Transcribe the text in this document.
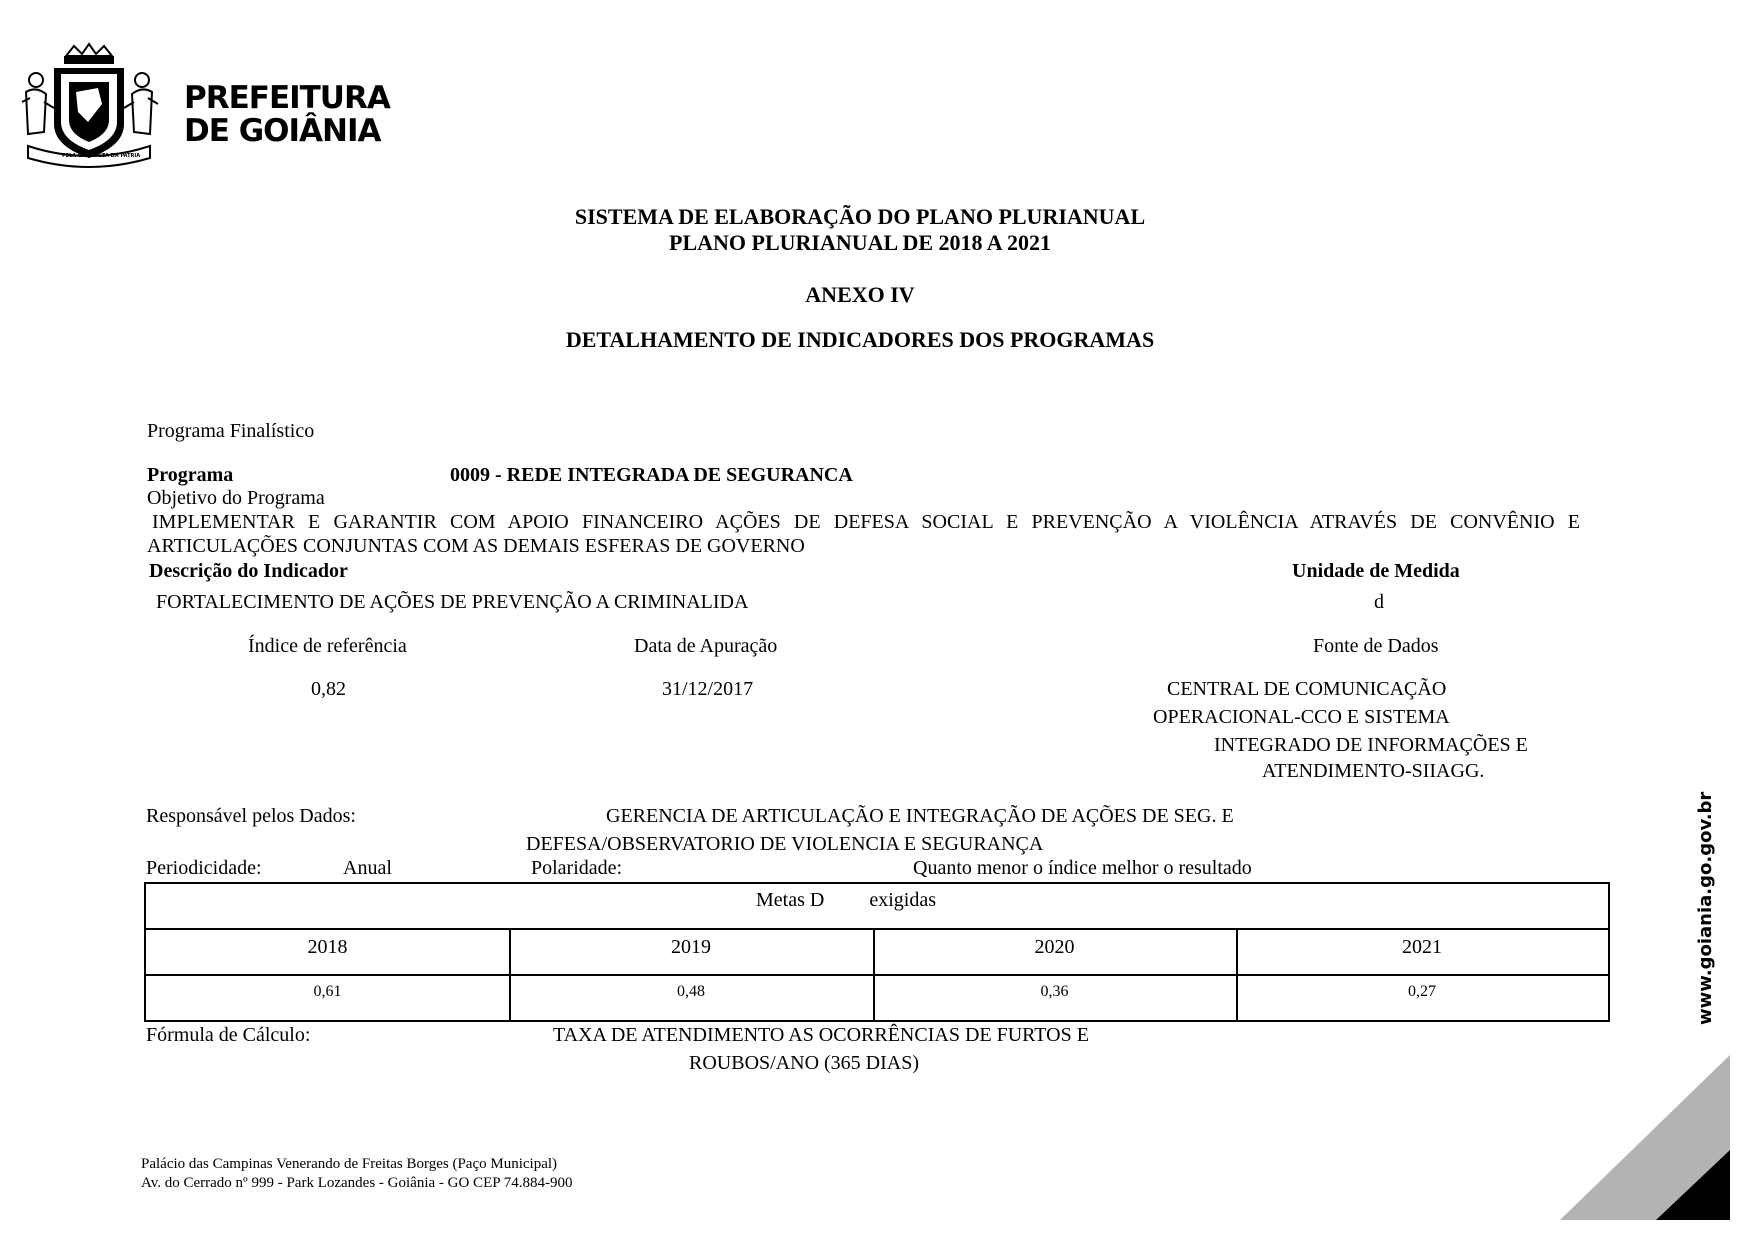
PELA GRANDEZA DA PÁTRIA
PREFEITURA
DE GOIÂNIA
SISTEMA DE ELABORAÇÃO DO PLANO PLURIANUAL
PLANO PLURIANUAL DE 2018 A 2021
ANEXO IV
DETALHAMENTO DE INDICADORES DOS PROGRAMAS
Programa Finalístico
Programa	0009 - REDE INTEGRADA DE SEGURANCA
Objetivo do Programa
IMPLEMENTAR E GARANTIR COM APOIO FINANCEIRO AÇÕES DE DEFESA SOCIAL E PREVENÇÃO A VIOLÊNCIA ATRAVÉS DE CONVÊNIO E
ARTICULAÇÕES CONJUNTAS COM AS DEMAIS ESFERAS DE GOVERNO
Descrição do Indicador	Unidade de Medida
FORTALECIMENTO DE AÇÕES DE PREVENÇÃO A CRIMINALIDA	d
Índice de referência	Data de Apuração	Fonte de Dados
0,82	31/12/2017	CENTRAL DE COMUNICAÇÃO
OPERACIONAL-CCO E SISTEMA
INTEGRADO DE INFORMAÇÕES E
ATENDIMENTO-SIIAGG.
Responsável pelos Dados:	GERENCIA DE ARTICULAÇÃO E INTEGRAÇÃO DE AÇÕES DE SEG. E
DEFESA/OBSERVATORIO DE VIOLENCIA E SEGURANÇA
Periodicidade:	Anual	Polaridade:	Quanto menor o índice melhor o resultado
Metas D exigidas
2018	2019	2020	2021
0,61	0,48	0,36	0,27
Fórmula de Cálculo:	TAXA DE ATENDIMENTO AS OCORRÊNCIAS DE FURTOS E
ROUBOS/ANO (365 DIAS)
Palácio das Campinas Venerando de Freitas Borges (Paço Municipal)
Av. do Cerrado nº 999 - Park Lozandes - Goiânia - GO CEP 74.884-900
www.goiania.go.gov.br
